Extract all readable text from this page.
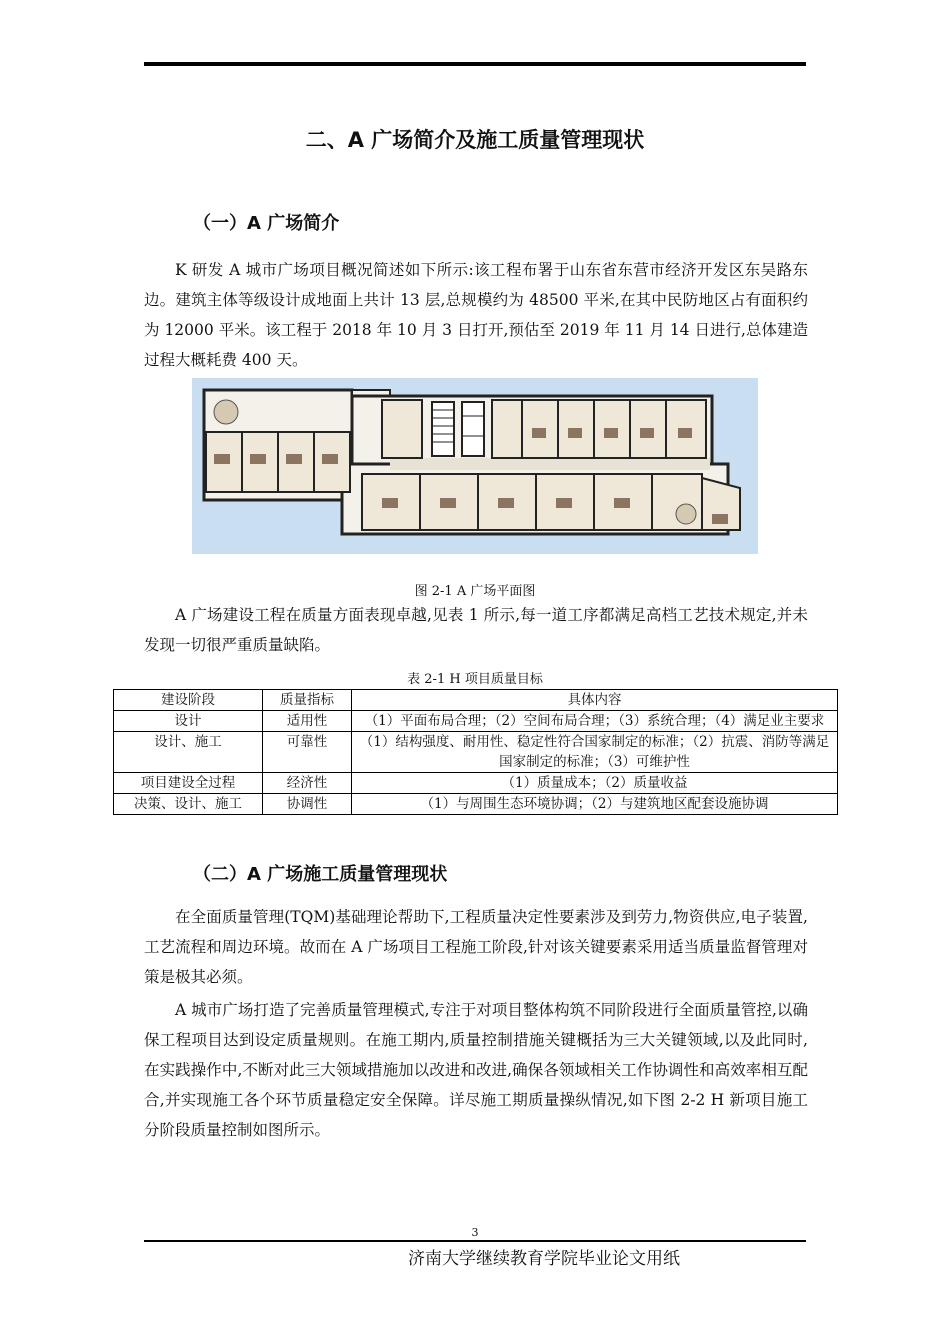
二、A 广场简介及施工质量管理现状
（一）A 广场简介

K 研发 A 城市广场项目概况简述如下所示:该工程布署于山东省东营市经济开发区东吴路东边。建筑主体等级设计成地面上共计 13 层,总规模约为 48500 平米,在其中民防地区占有面积约为 12000 平米。该工程于 2018 年 10 月 3 日打开,预估至 2019 年 11 月 14 日进行,总体建造过程大概耗费 400 天。

图 2-1 A 广场平面图

A 广场建设工程在质量方面表现卓越,见表 1 所示,每一道工序都满足高档工艺技术规定,并未发现一切很严重质量缺陷。

表 2-1 H 项目质量目标

建设阶段	质量指标	具体内容
设计	适用性	（1）平面布局合理；（2）空间布局合理；（3）系统合理；（4）满足业主要求
设计、施工	可靠性	（1）结构强度、耐用性、稳定性符合国家制定的标准；（2）抗震、消防等满足国家制定的标准；（3）可维护性
项目建设全过程	经济性	（1）质量成本；（2）质量收益
决策、设计、施工	协调性	（1）与周围生态环境协调；（2）与建筑地区配套设施协调
（二）A 广场施工质量管理现状

在全面质量管理(TQM)基础理论帮助下,工程质量决定性要素涉及到劳力,物资供应,电子装置,工艺流程和周边环境。故而在 A 广场项目工程施工阶段,针对该关键要素采用适当质量监督管理对策是极其必须。

A 城市广场打造了完善质量管理模式,专注于对项目整体构筑不同阶段进行全面质量管控,以确保工程项目达到设定质量规则。在施工期内,质量控制措施关键概括为三大关键领域,以及此同时,在实践操作中,不断对此三大领域措施加以改进和改进,确保各领域相关工作协调性和高效率相互配合,并实现施工各个环节质量稳定安全保障。详尽施工期质量操纵情况,如下图 2-2 H 新项目施工分阶段质量控制如图所示。

3
济南大学继续教育学院毕业论文用纸
